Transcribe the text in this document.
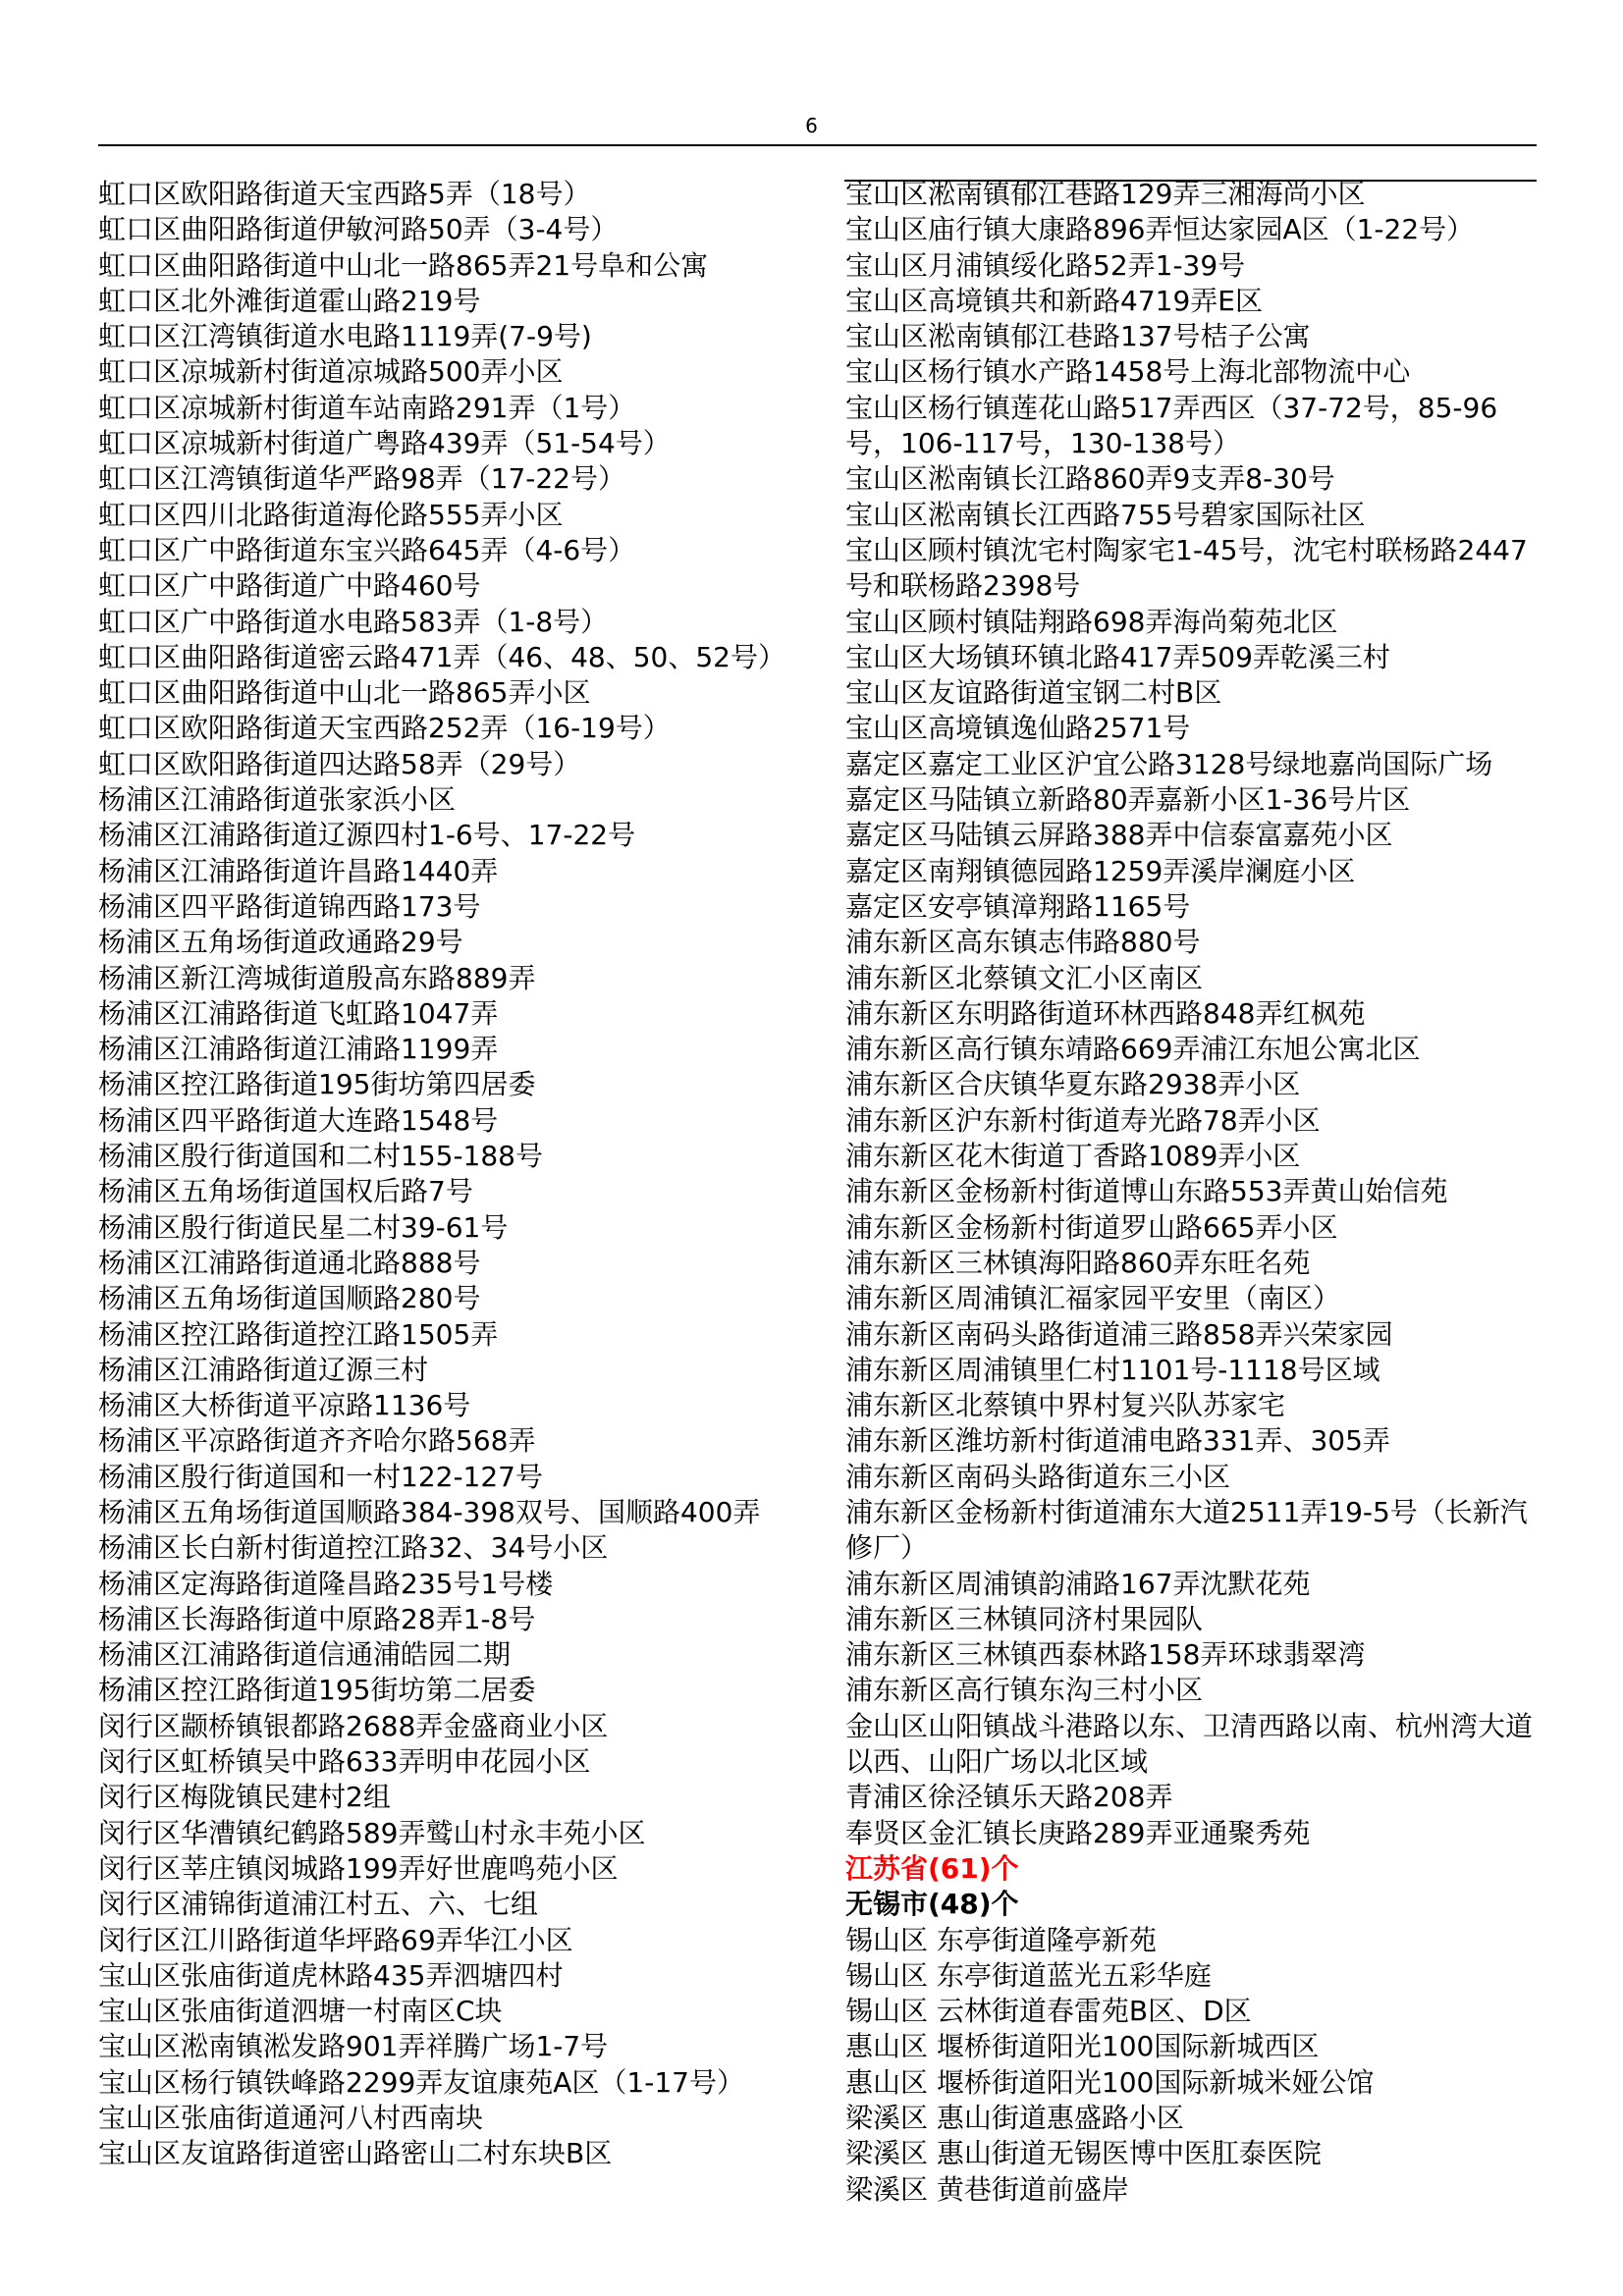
6

虹口区欧阳路街道天宝西路5弄（18号）

虹口区曲阳路街道伊敏河路50弄（3-4号）

虹口区曲阳路街道中山北一路865弄21号阜和公寓

虹口区北外滩街道霍山路219号

虹口区江湾镇街道水电路1119弄(7-9号)

虹口区凉城新村街道凉城路500弄小区

虹口区凉城新村街道车站南路291弄（1号）

虹口区凉城新村街道广粤路439弄（51-54号）

虹口区江湾镇街道华严路98弄（17-22号）

虹口区四川北路街道海伦路555弄小区

虹口区广中路街道东宝兴路645弄（4-6号）

虹口区广中路街道广中路460号

虹口区广中路街道水电路583弄（1-8号）

虹口区曲阳路街道密云路471弄（46、48、50、52号）

虹口区曲阳路街道中山北一路865弄小区

虹口区欧阳路街道天宝西路252弄（16-19号）

虹口区欧阳路街道四达路58弄（29号）

杨浦区江浦路街道张家浜小区

杨浦区江浦路街道辽源四村1-6号、17-22号

杨浦区江浦路街道许昌路1440弄

杨浦区四平路街道锦西路173号

杨浦区五角场街道政通路29号

杨浦区新江湾城街道殷高东路889弄

杨浦区江浦路街道飞虹路1047弄

杨浦区江浦路街道江浦路1199弄

杨浦区控江路街道195街坊第四居委

杨浦区四平路街道大连路1548号

杨浦区殷行街道国和二村155-188号

杨浦区五角场街道国权后路7号

杨浦区殷行街道民星二村39-61号

杨浦区江浦路街道通北路888号

杨浦区五角场街道国顺路280号

杨浦区控江路街道控江路1505弄

杨浦区江浦路街道辽源三村

杨浦区大桥街道平凉路1136号

杨浦区平凉路街道齐齐哈尔路568弄

杨浦区殷行街道国和一村122-127号

杨浦区五角场街道国顺路384-398双号、国顺路400弄

杨浦区长白新村街道控江路32、34号小区

杨浦区定海路街道隆昌路235号1号楼

杨浦区长海路街道中原路28弄1-8号

杨浦区江浦路街道信通浦皓园二期

杨浦区控江路街道195街坊第二居委

闵行区颛桥镇银都路2688弄金盛商业小区

闵行区虹桥镇吴中路633弄明申花园小区

闵行区梅陇镇民建村2组

闵行区华漕镇纪鹤路589弄鹫山村永丰苑小区

闵行区莘庄镇闵城路199弄好世鹿鸣苑小区

闵行区浦锦街道浦江村五、六、七组

闵行区江川路街道华坪路69弄华江小区

宝山区张庙街道虎林路435弄泗塘四村

宝山区张庙街道泗塘一村南区C块

宝山区淞南镇淞发路901弄祥腾广场1-7号

宝山区杨行镇铁峰路2299弄友谊康苑A区（1-17号）

宝山区张庙街道通河八村西南块

宝山区友谊路街道密山路密山二村东块B区

宝山区淞南镇郁江巷路129弄三湘海尚小区

宝山区庙行镇大康路896弄恒达家园A区（1-22号）

宝山区月浦镇绥化路52弄1-39号

宝山区高境镇共和新路4719弄E区

宝山区淞南镇郁江巷路137号桔子公寓

宝山区杨行镇水产路1458号上海北部物流中心

宝山区杨行镇莲花山路517弄西区（37-72号，85-96号，106-117号，130-138号）

宝山区淞南镇长江路860弄9支弄8-30号

宝山区淞南镇长江西路755号碧家国际社区

宝山区顾村镇沈宅村陶家宅1-45号，沈宅村联杨路2447号和联杨路2398号

宝山区顾村镇陆翔路698弄海尚菊苑北区

宝山区大场镇环镇北路417弄509弄乾溪三村

宝山区友谊路街道宝钢二村B区

宝山区高境镇逸仙路2571号

嘉定区嘉定工业区沪宜公路3128号绿地嘉尚国际广场

嘉定区马陆镇立新路80弄嘉新小区1-36号片区

嘉定区马陆镇云屏路388弄中信泰富嘉苑小区

嘉定区南翔镇德园路1259弄溪岸澜庭小区

嘉定区安亭镇漳翔路1165号

浦东新区高东镇志伟路880号

浦东新区北蔡镇文汇小区南区

浦东新区东明路街道环林西路848弄红枫苑

浦东新区高行镇东靖路669弄浦江东旭公寓北区

浦东新区合庆镇华夏东路2938弄小区

浦东新区沪东新村街道寿光路78弄小区

浦东新区花木街道丁香路1089弄小区

浦东新区金杨新村街道博山东路553弄黄山始信苑

浦东新区金杨新村街道罗山路665弄小区

浦东新区三林镇海阳路860弄东旺名苑

浦东新区周浦镇汇福家园平安里（南区）

浦东新区南码头路街道浦三路858弄兴荣家园

浦东新区周浦镇里仁村1101号-1118号区域

浦东新区北蔡镇中界村复兴队苏家宅

浦东新区潍坊新村街道浦电路331弄、305弄

浦东新区南码头路街道东三小区

浦东新区金杨新村街道浦东大道2511弄19-5号（长新汽修厂）

浦东新区周浦镇韵浦路167弄沈默花苑

浦东新区三林镇同济村果园队

浦东新区三林镇西泰林路158弄环球翡翠湾

浦东新区高行镇东沟三村小区

金山区山阳镇战斗港路以东、卫清西路以南、杭州湾大道以西、山阳广场以北区域

青浦区徐泾镇乐天路208弄

奉贤区金汇镇长庚路289弄亚通聚秀苑

江苏省(61)个

无锡市(48)个

锡山区 东亭街道隆亭新苑

锡山区 东亭街道蓝光五彩华庭

锡山区 云林街道春雷苑B区、D区

惠山区 堰桥街道阳光100国际新城西区

惠山区 堰桥街道阳光100国际新城米娅公馆

梁溪区 惠山街道惠盛路小区

梁溪区 惠山街道无锡医博中医肛泰医院

梁溪区 黄巷街道前盛岸
